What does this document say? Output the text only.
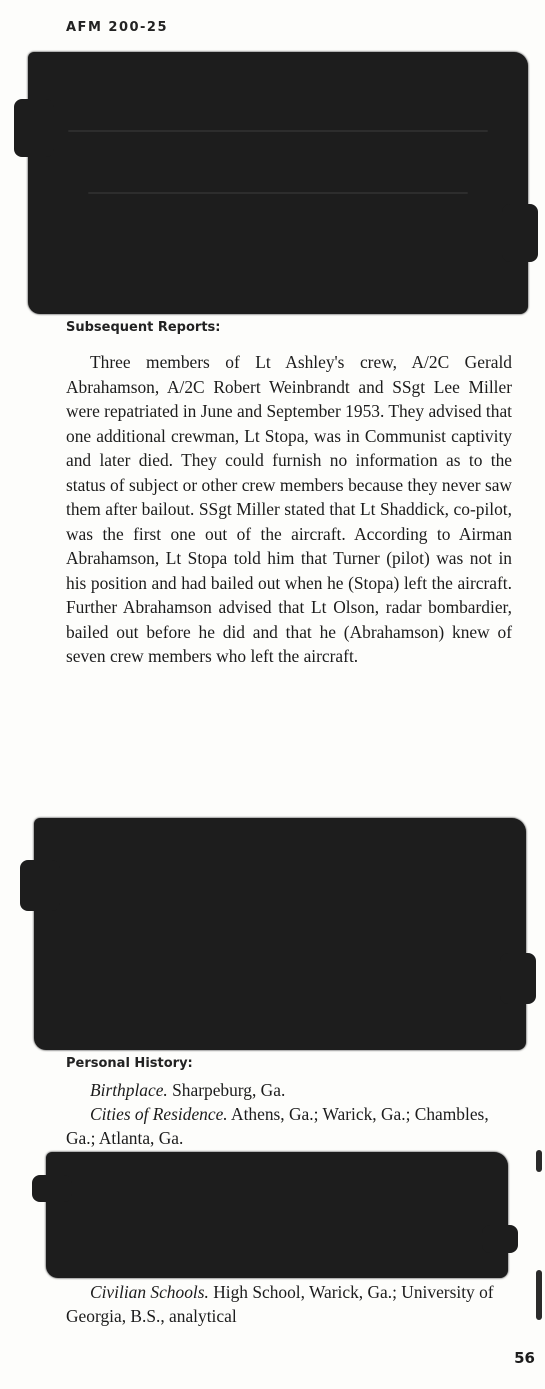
AFM 200-25
Subsequent Reports:

Three members of Lt Ashley's crew, A/2C Gerald Abrahamson, A/2C Robert Weinbrandt and SSgt Lee Miller were repatriated in June and September 1953. They advised that one additional crewman, Lt Stopa, was in Communist captivity and later died. They could furnish no information as to the status of subject or other crew members because they never saw them after bailout. SSgt Miller stated that Lt Shaddick, co-pilot, was the first one out of the aircraft. According to Airman Abrahamson, Lt Stopa told him that Turner (pilot) was not in his position and had bailed out when he (Stopa) left the aircraft. Further Abrahamson advised that Lt Olson, radar bombardier, bailed out before he did and that he (Abrahamson) knew of seven crew members who left the aircraft.

Personal History:
Birthplace. Sharpeburg, Ga.
Cities of Residence. Athens, Ga.; Warick, Ga.; Chambles, Ga.; Atlanta, Ga.
Civilian Schools. High School, Warick, Ga.; University of Georgia, B.S., analytical
56
